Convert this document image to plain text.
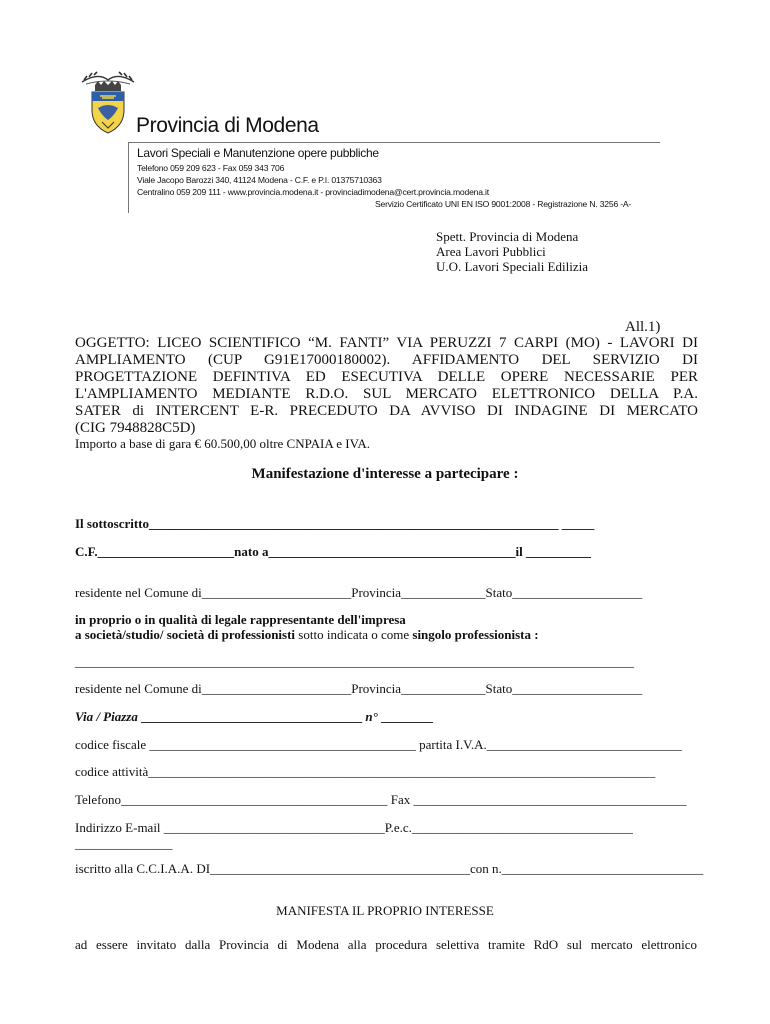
Provincia di Modena
Lavori Speciali e Manutenzione opere pubbliche
Telefono 059 209 623 - Fax 059 343 706
Viale Jacopo Barozzi 340, 41124 Modena - C.F. e P.I. 01375710363
Centralino 059 209 111 - www.provincia.modena.it - provinciadimodena@cert.provincia.modena.it
Servizio Certificato UNI EN ISO 9001:2008 - Registrazione N. 3256 -A-
Spett. Provincia di Modena
Area Lavori Pubblici
U.O. Lavori Speciali Edilizia
All.1)
OGGETTO: LICEO SCIENTIFICO “M. FANTI” VIA PERUZZI 7 CARPI (MO) - LAVORI DI
AMPLIAMENTO (CUP G91E17000180002). AFFIDAMENTO DEL SERVIZIO DI
PROGETTAZIONE DEFINTIVA ED ESECUTIVA DELLE OPERE NECESSARIE PER
L'AMPLIAMENTO MEDIANTE R.D.O. SUL MERCATO ELETTRONICO DELLA P.A.
SATER di INTERCENT E-R. PRECEDUTO DA AVVISO DI INDAGINE DI MERCATO
(CIG 7948828C5D)
Importo a base di gara € 60.500,00 oltre CNPAIA e IVA.
Manifestazione d'interesse a partecipare :
Il sottoscritto_______________________________________________________________ _____
C.F._____________________nato a______________________________________il __________
residente nel Comune di_______________________Provincia_____________Stato____________________
in proprio o in qualità di legale rappresentante dell'impresa
a società/studio/ società di professionisti sotto indicata o come singolo professionista :
______________________________________________________________________________________
residente nel Comune di_______________________Provincia_____________Stato____________________
Via / Piazza __________________________________ n° ________
codice fiscale _________________________________________ partita I.V.A.______________________________
codice attività______________________________________________________________________________
Telefono_________________________________________ Fax __________________________________________
Indirizzo E-mail __________________________________P.e.c.__________________________________
_______________
iscritto alla C.C.I.A.A. DI________________________________________con n._______________________________
MANIFESTA IL PROPRIO INTERESSE
ad essere invitato dalla Provincia di Modena alla procedura selettiva tramite RdO sul mercato elettronico
